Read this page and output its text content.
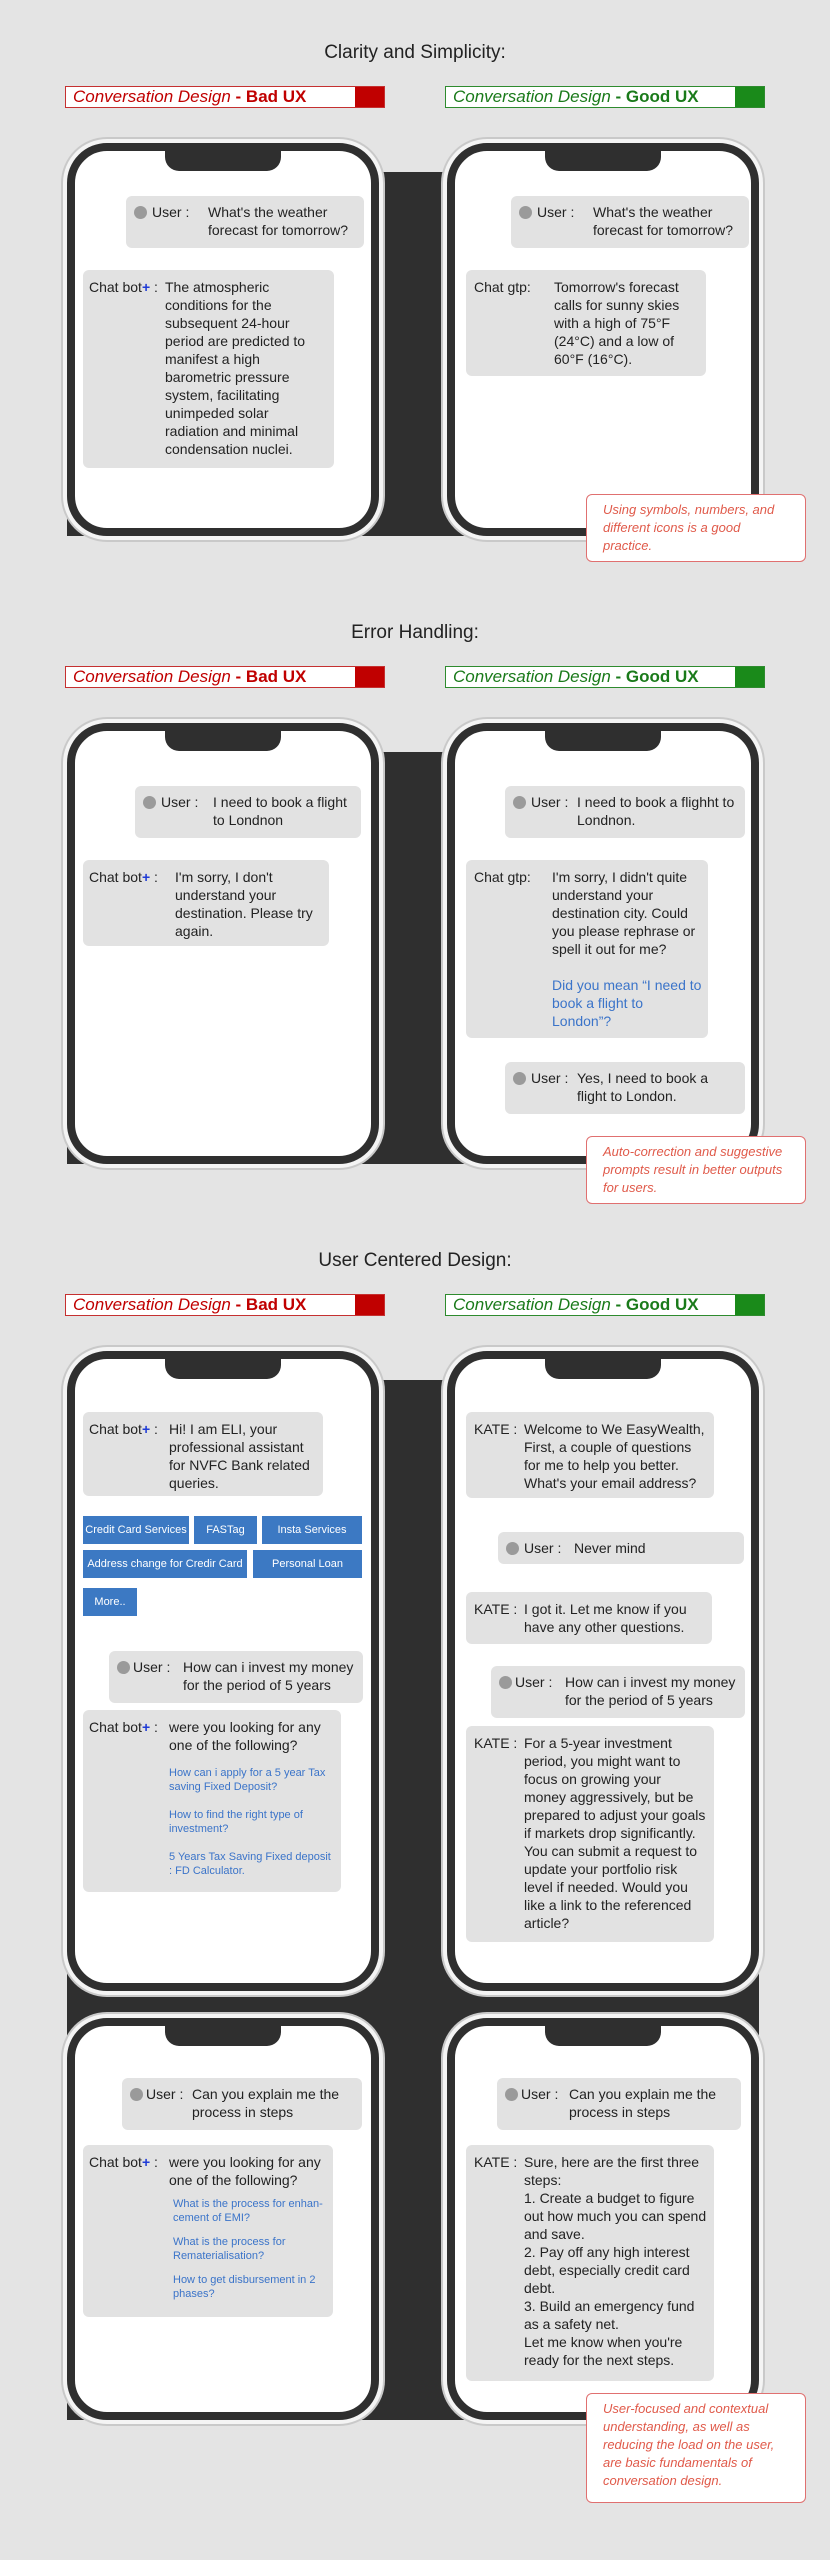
Clarity and Simplicity:
Conversation Design - Bad UX	Conversation Design - Good UX
User : What's the weather forecast for tomorrow?
Chat bot+ : The atmospheric conditions for the subsequent 24-hour period are predicted to manifest a high barometric pressure system, facilitating unimpeded solar radiation and minimal condensation nuclei.
User : What's the weather forecast for tomorrow?
Chat gtp: Tomorrow's forecast calls for sunny skies with a high of 75°F (24°C) and a low of 60°F (16°C).
Using symbols, numbers, and different icons is a good practice.
Error Handling:
Conversation Design - Bad UX	Conversation Design - Good UX
User : I need to book a flight to Londnon
Chat bot+ : I'm sorry, I don't understand your destination. Please try again.
User : I need to book a flighht to Londnon.
Chat gtp: I'm sorry, I didn't quite understand your destination city. Could you please rephrase or spell it out for me?
Did you mean “I need to book a flight to London”?
User : Yes, I need to book a flight to London.
Auto-correction and suggestive prompts result in better outputs for users.
User Centered Design:
Conversation Design - Bad UX	Conversation Design - Good UX
Chat bot+ : Hi! I am ELI, your professional assistant for NVFC Bank related queries.
Credit Card Services	FASTag	Insta Services
Address change for Credir Card	Personal Loan
More..
User : How can i invest my money for the period of 5 years
Chat bot+ : were you looking for any one of the following?
How can i apply for a 5 year Tax saving Fixed Deposit?
How to find the right type of investment?
5 Years Tax Saving Fixed deposit : FD Calculator.
KATE : Welcome to We EasyWealth, First, a couple of questions for me to help you better. What's your email address?
User : Never mind
KATE : I got it. Let me know if you have any other questions.
User : How can i invest my money for the period of 5 years
KATE : For a 5-year investment period, you might want to focus on growing your money aggressively, but be prepared to adjust your goals if markets drop significantly. You can submit a request to update your portfolio risk level if needed. Would you like a link to the referenced article?
User : Can you explain me the process in steps
Chat bot+ : were you looking for any one of the following?
What is the process for enhan-cement of EMI?
What is the process for Rematerialisation?
How to get disbursement in 2 phases?
User : Can you explain me the process in steps
KATE : Sure, here are the first three steps:
1. Create a budget to figure out how much you can spend and save.
2. Pay off any high interest debt, especially credit card debt.
3. Build an emergency fund as a safety net.
Let me know when you're ready for the next steps.
User-focused and contextual understanding, as well as reducing the load on the user, are basic fundamentals of conversation design.
